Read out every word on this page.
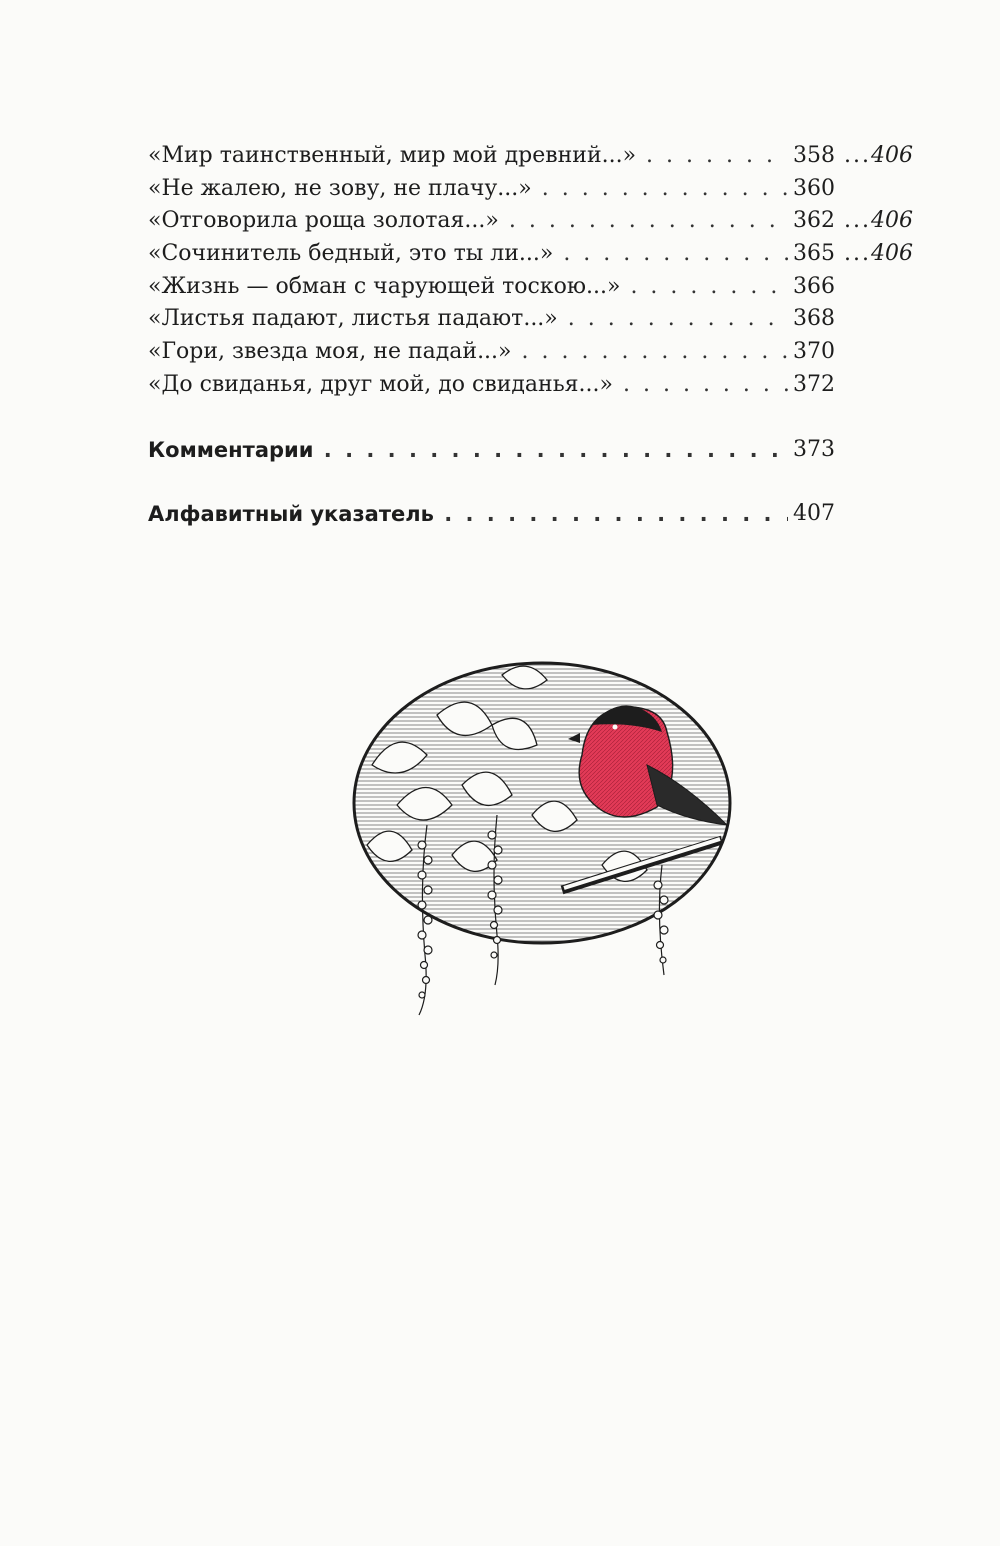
«Мир таинственный, мир мой древний...» . . .	358 ...406
«Не жалею, не зову, не плачу...» . . .	360
«Отговорила роща золотая...» . . .	362 ...406
«Сочинитель бедный, это ты ли...» . . .	365 ...406
«Жизнь — обман с чарующей тоскою...» . . .	366
«Листья падают, листья падают...» . . .	368
«Гори, звезда моя, не падай...» . . .	370
«До свиданья, друг мой, до свиданья...» . . .	372
Комментарии . . .	373
Алфавитный указатель . . .	407
